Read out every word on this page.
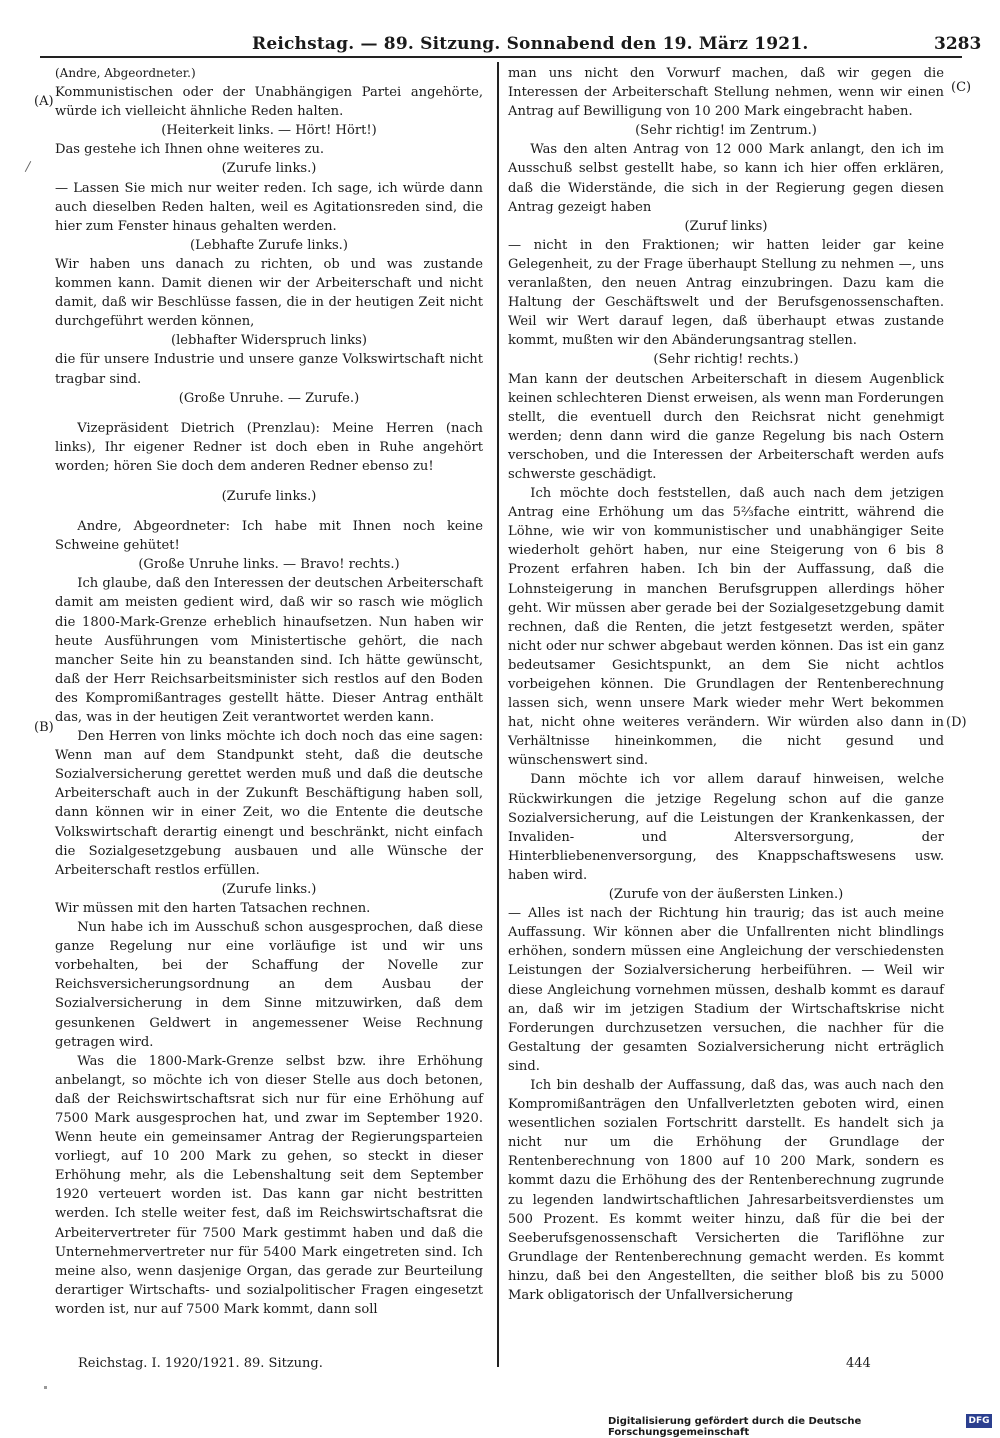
Reichstag. — 89. Sitzung. Sonnabend den 19. März 1921.	3283
(A)
(B)
(C)
(D)

(Andre, Abgeordneter.)

Kommunistischen oder der Unabhängigen Partei angehörte, würde ich vielleicht ähnliche Reden halten.

(Heiterkeit links. — Hört! Hört!)

Das gestehe ich Ihnen ohne weiteres zu.

(Zurufe links.)

— Lassen Sie mich nur weiter reden. Ich sage, ich würde dann auch dieselben Reden halten, weil es Agitationsreden sind, die hier zum Fenster hinaus gehalten werden.

(Lebhafte Zurufe links.)

Wir haben uns danach zu richten, ob und was zustande kommen kann. Damit dienen wir der Arbeiterschaft und nicht damit, daß wir Beschlüsse fassen, die in der heutigen Zeit nicht durchgeführt werden können,

(lebhafter Widerspruch links)

die für unsere Industrie und unsere ganze Volkswirtschaft nicht tragbar sind.

(Große Unruhe. — Zurufe.)

Vizepräsident Dietrich (Prenzlau): Meine Herren (nach links), Ihr eigener Redner ist doch eben in Ruhe angehört worden; hören Sie doch dem anderen Redner ebenso zu!

(Zurufe links.)

Andre, Abgeordneter: Ich habe mit Ihnen noch keine Schweine gehütet!

(Große Unruhe links. — Bravo! rechts.)

Ich glaube, daß den Interessen der deutschen Arbeiterschaft damit am meisten gedient wird, daß wir so rasch wie möglich die 1800-Mark-Grenze erheblich hinaufsetzen. Nun haben wir heute Ausführungen vom Ministertische gehört, die nach mancher Seite hin zu beanstanden sind. Ich hätte gewünscht, daß der Herr Reichsarbeitsminister sich restlos auf den Boden des Kompromißantrages gestellt hätte. Dieser Antrag enthält das, was in der heutigen Zeit verantwortet werden kann.

Den Herren von links möchte ich doch noch das eine sagen: Wenn man auf dem Standpunkt steht, daß die deutsche Sozialversicherung gerettet werden muß und daß die deutsche Arbeiterschaft auch in der Zukunft Beschäftigung haben soll, dann können wir in einer Zeit, wo die Entente die deutsche Volkswirtschaft derartig einengt und beschränkt, nicht einfach die Sozialgesetzgebung ausbauen und alle Wünsche der Arbeiterschaft restlos erfüllen.

(Zurufe links.)

Wir müssen mit den harten Tatsachen rechnen.

Nun habe ich im Ausschuß schon ausgesprochen, daß diese ganze Regelung nur eine vorläufige ist und wir uns vorbehalten, bei der Schaffung der Novelle zur Reichsversicherungsordnung an dem Ausbau der Sozialversicherung in dem Sinne mitzuwirken, daß dem gesunkenen Geldwert in angemessener Weise Rechnung getragen wird.

Was die 1800-Mark-Grenze selbst bzw. ihre Erhöhung anbelangt, so möchte ich von dieser Stelle aus doch betonen, daß der Reichswirtschaftsrat sich nur für eine Erhöhung auf 7500 Mark ausgesprochen hat, und zwar im September 1920. Wenn heute ein gemeinsamer Antrag der Regierungsparteien vorliegt, auf 10 200 Mark zu gehen, so steckt in dieser Erhöhung mehr, als die Lebenshaltung seit dem September 1920 verteuert worden ist. Das kann gar nicht bestritten werden. Ich stelle weiter fest, daß im Reichswirtschaftsrat die Arbeitervertreter für 7500 Mark gestimmt haben und daß die Unternehmervertreter nur für 5400 Mark eingetreten sind. Ich meine also, wenn dasjenige Organ, das gerade zur Beurteilung derartiger Wirtschafts- und sozialpolitischer Fragen eingesetzt worden ist, nur auf 7500 Mark kommt, dann soll

man uns nicht den Vorwurf machen, daß wir gegen die Interessen der Arbeiterschaft Stellung nehmen, wenn wir einen Antrag auf Bewilligung von 10 200 Mark eingebracht haben.

(Sehr richtig! im Zentrum.)

Was den alten Antrag von 12 000 Mark anlangt, den ich im Ausschuß selbst gestellt habe, so kann ich hier offen erklären, daß die Widerstände, die sich in der Regierung gegen diesen Antrag gezeigt haben

(Zuruf links)

— nicht in den Fraktionen; wir hatten leider gar keine Gelegenheit, zu der Frage überhaupt Stellung zu nehmen —, uns veranlaßten, den neuen Antrag einzubringen. Dazu kam die Haltung der Geschäftswelt und der Berufsgenossenschaften. Weil wir Wert darauf legen, daß überhaupt etwas zustande kommt, mußten wir den Abänderungsantrag stellen.

(Sehr richtig! rechts.)

Man kann der deutschen Arbeiterschaft in diesem Augenblick keinen schlechteren Dienst erweisen, als wenn man Forderungen stellt, die eventuell durch den Reichsrat nicht genehmigt werden; denn dann wird die ganze Regelung bis nach Ostern verschoben, und die Interessen der Arbeiterschaft werden aufs schwerste geschädigt.

Ich möchte doch feststellen, daß auch nach dem jetzigen Antrag eine Erhöhung um das 5⅔fache eintritt, während die Löhne, wie wir von kommunistischer und unabhängiger Seite wiederholt gehört haben, nur eine Steigerung von 6 bis 8 Prozent erfahren haben. Ich bin der Auffassung, daß die Lohnsteigerung in manchen Berufsgruppen allerdings höher geht. Wir müssen aber gerade bei der Sozialgesetzgebung damit rechnen, daß die Renten, die jetzt festgesetzt werden, später nicht oder nur schwer abgebaut werden können. Das ist ein ganz bedeutsamer Gesichtspunkt, an dem Sie nicht achtlos vorbeigehen können. Die Grundlagen der Rentenberechnung lassen sich, wenn unsere Mark wieder mehr Wert bekommen hat, nicht ohne weiteres verändern. Wir würden also dann in Verhältnisse hineinkommen, die nicht gesund und wünschenswert sind.

Dann möchte ich vor allem darauf hinweisen, welche Rückwirkungen die jetzige Regelung schon auf die ganze Sozialversicherung, auf die Leistungen der Krankenkassen, der Invaliden- und Altersversorgung, der Hinterbliebenenversorgung, des Knappschaftswesens usw. haben wird.

(Zurufe von der äußersten Linken.)

— Alles ist nach der Richtung hin traurig; das ist auch meine Auffassung. Wir können aber die Unfallrenten nicht blindlings erhöhen, sondern müssen eine Angleichung der verschiedensten Leistungen der Sozialversicherung herbeiführen. — Weil wir diese Angleichung vornehmen müssen, deshalb kommt es darauf an, daß wir im jetzigen Stadium der Wirtschaftskrise nicht Forderungen durchzusetzen versuchen, die nachher für die Gestaltung der gesamten Sozialversicherung nicht erträglich sind.

Ich bin deshalb der Auffassung, daß das, was auch nach den Kompromißanträgen den Unfallverletzten geboten wird, einen wesentlichen sozialen Fortschritt darstellt. Es handelt sich ja nicht nur um die Erhöhung der Grundlage der Rentenberechnung von 1800 auf 10 200 Mark, sondern es kommt dazu die Erhöhung des der Rentenberechnung zugrunde zu legenden landwirtschaftlichen Jahresarbeitsverdienstes um 500 Prozent. Es kommt weiter hinzu, daß für die bei der Seeberufsgenossenschaft Versicherten die Tariflöhne zur Grundlage der Rentenberechnung gemacht werden. Es kommt hinzu, daß bei den Angestellten, die seither bloß bis zu 5000 Mark obligatorisch der Unfallversicherung

Reichstag. I. 1920/1921. 89. Sitzung.	444
Digitalisierung gefördert durch die Deutsche Forschungsgemeinschaft
DFG
